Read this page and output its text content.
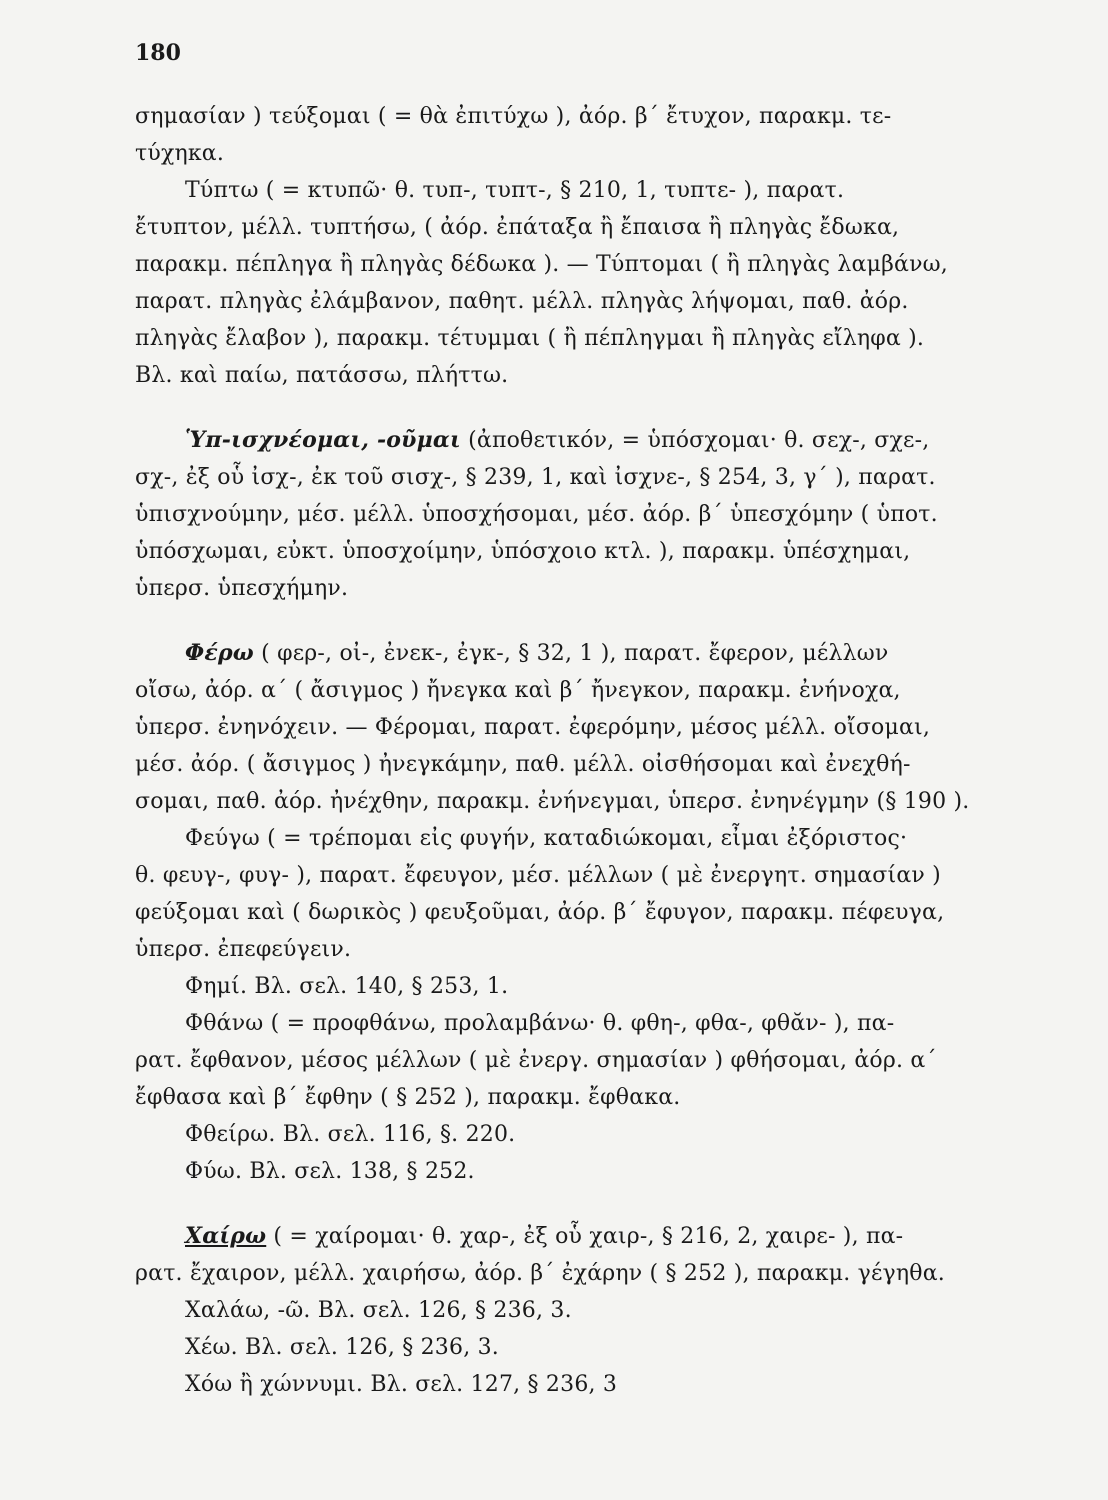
180
σημασίαν ) τεύξομαι ( = θὰ ἐπιτύχω ), ἀόρ. β΄ ἔτυχον, παρακμ. τε-
τύχηκα.
Τύπτω ( = κτυπῶ· θ. τυπ-, τυπτ-, § 210, 1, τυπτε- ), παρατ.
ἔτυπτον, μέλλ. τυπτήσω, ( ἀόρ. ἐπάταξα ἢ ἔπαισα ἢ πληγὰς ἔδωκα,
παρακμ. πέπληγα ἢ πληγὰς δέδωκα ). — Τύπτομαι ( ἢ πληγὰς λαμβάνω,
παρατ. πληγὰς ἐλάμβανον, παθητ. μέλλ. πληγὰς λήψομαι, παθ. ἀόρ.
πληγὰς ἔλαβον ), παρακμ. τέτυμμαι ( ἢ πέπληγμαι ἢ πληγὰς εἴληφα ).
Βλ. καὶ παίω, πατάσσω, πλήττω.
Ὑπ-ισχνέομαι, -οῦμαι (ἀποθετικόν, = ὑπόσχομαι· θ. σεχ-, σχε-,
σχ-, ἐξ οὗ ἰσχ-, ἐκ τοῦ σισχ-, § 239, 1, καὶ ἰσχνε-, § 254, 3, γ΄ ), παρατ.
ὑπισχνούμην, μέσ. μέλλ. ὑποσχήσομαι, μέσ. ἀόρ. β΄ ὑπεσχόμην ( ὑποτ.
ὑπόσχωμαι, εὐκτ. ὑποσχοίμην, ὑπόσχοιο κτλ. ), παρακμ. ὑπέσχημαι,
ὑπερσ. ὑπεσχήμην.
Φέρω ( φερ-, οἰ-, ἐνεκ-, ἐγκ-, § 32, 1 ), παρατ. ἔφερον, μέλλων
οἴσω, ἀόρ. α΄ ( ἄσιγμος ) ἤνεγκα καὶ β΄ ἤνεγκον, παρακμ. ἐνήνοχα,
ὑπερσ. ἐνηνόχειν. — Φέρομαι, παρατ. ἐφερόμην, μέσος μέλλ. οἴσομαι,
μέσ. ἀόρ. ( ἄσιγμος ) ἠνεγκάμην, παθ. μέλλ. οἰσθήσομαι καὶ ἐνεχθή-
σομαι, παθ. ἀόρ. ἠνέχθην, παρακμ. ἐνήνεγμαι, ὑπερσ. ἐνηνέγμην (§ 190 ).
Φεύγω ( = τρέπομαι εἰς φυγήν, καταδιώκομαι, εἶμαι ἐξόριστος·
θ. φευγ-, φυγ- ), παρατ. ἔφευγον, μέσ. μέλλων ( μὲ ἐνεργητ. σημασίαν )
φεύξομαι καὶ ( δωρικὸς ) φευξοῦμαι, ἀόρ. β΄ ἔφυγον, παρακμ. πέφευγα,
ὑπερσ. ἐπεφεύγειν.
Φημί. Βλ. σελ. 140, § 253, 1.
Φθάνω ( = προφθάνω, προλαμβάνω· θ. φθη-, φθα-, φθᾰν- ), πα-
ρατ. ἔφθανον, μέσος μέλλων ( μὲ ἐνεργ. σημασίαν ) φθήσομαι, ἀόρ. α΄
ἔφθασα καὶ β΄ ἔφθην ( § 252 ), παρακμ. ἔφθακα.
Φθείρω. Βλ. σελ. 116, §. 220.
Φύω. Βλ. σελ. 138, § 252.
Χαίρω ( = χαίρομαι· θ. χαρ-, ἐξ οὗ χαιρ-, § 216, 2, χαιρε- ), πα-
ρατ. ἔχαιρον, μέλλ. χαιρήσω, ἀόρ. β΄ ἐχάρην ( § 252 ), παρακμ. γέγηθα.
Χαλάω, -ῶ. Βλ. σελ. 126, § 236, 3.
Χέω. Βλ. σελ. 126, § 236, 3.
Χόω ἢ χώννυμι. Βλ. σελ. 127, § 236, 3
